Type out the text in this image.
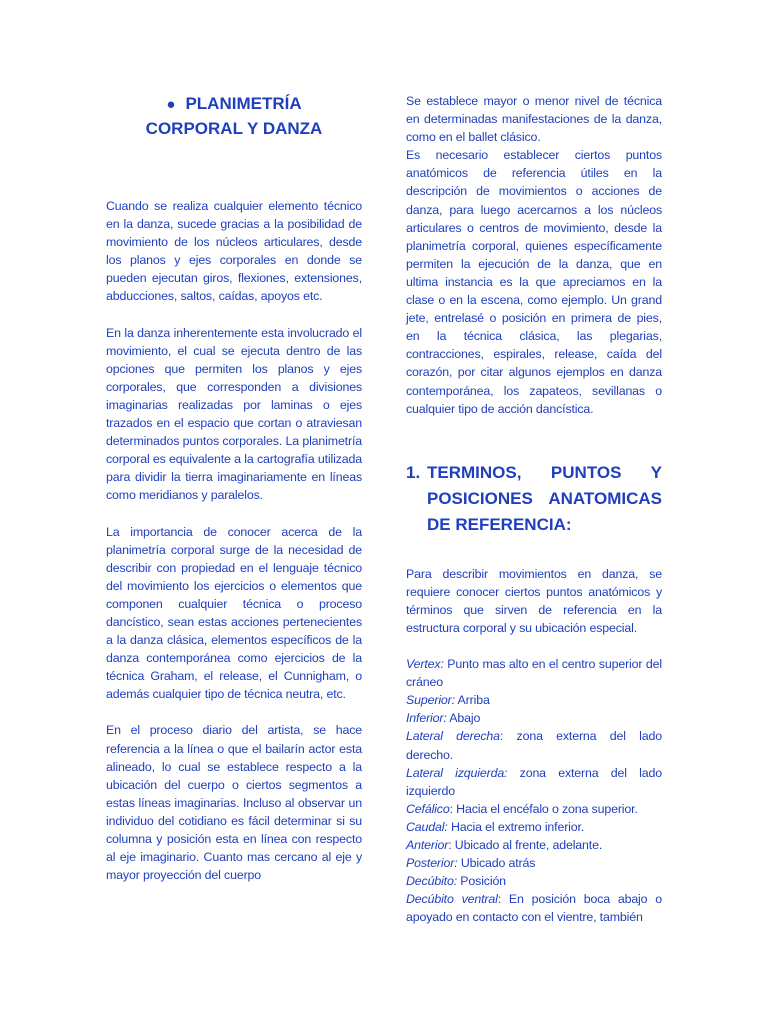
● PLANIMETRÍA
CORPORAL Y DANZA

Cuando se realiza cualquier elemento técnico en la danza, sucede gracias a la posibilidad de movimiento de los núcleos articulares, desde los planos y ejes corporales en donde se pueden ejecutan giros, flexiones, extensiones, abducciones, saltos, caídas, apoyos etc.

En la danza inherentemente esta involucrado el movimiento, el cual se ejecuta dentro de las opciones que permiten los planos y ejes corporales, que corresponden a divisiones imaginarias realizadas por laminas o ejes trazados en el espacio que cortan o atraviesan determinados puntos corporales. La planimetría corporal es equivalente a la cartografía utilizada para dividir la tierra imaginariamente en líneas como meridianos y paralelos.

La importancia de conocer acerca de la planimetría corporal surge de la necesidad de describir con propiedad en el lenguaje técnico del movimiento los ejercicios o elementos que componen cualquier técnica o proceso dancístico, sean estas acciones pertenecientes a la danza clásica, elementos específicos de la danza contemporánea como ejercicios de la técnica Graham, el release, el Cunnigham, o además cualquier tipo de técnica neutra, etc.

En el proceso diario del artista, se hace referencia a la línea o que el bailarín actor esta alineado, lo cual se establece respecto a la ubicación del cuerpo o ciertos segmentos a estas líneas imaginarias. Incluso al observar un individuo del cotidiano es fácil determinar si su columna y posición esta en línea con respecto al eje imaginario. Cuanto mas cercano al eje y mayor proyección del cuerpo

Se establece mayor o menor nivel de técnica en determinadas manifestaciones de la danza, como en el ballet clásico.

Es necesario establecer ciertos puntos anatómicos de referencia útiles en la descripción de movimientos o acciones de danza, para luego acercarnos a los núcleos articulares o centros de movimiento, desde la planimetría corporal, quienes específicamente permiten la ejecución de la danza, que en ultima instancia es la que apreciamos en la clase o en la escena, como ejemplo. Un grand jete, entrelasé o posición en primera de pies, en la técnica clásica, las plegarias, contracciones, espirales, release, caída del corazón, por citar algunos ejemplos en danza contemporánea, los zapateos, sevillanas o cualquier tipo de acción dancística.

1. TERMINOS, PUNTOS Y POSICIONES ANATOMICAS DE REFERENCIA:

Para describir movimientos en danza, se requiere conocer ciertos puntos anatómicos y términos que sirven de referencia en la estructura corporal y su ubicación especial.

Vertex: Punto mas alto en el centro superior del cráneo

Superior: Arriba

Inferior: Abajo

Lateral derecha: zona externa del lado derecho.

Lateral izquierda: zona externa del lado izquierdo

Cefálico: Hacia el encéfalo o zona superior.

Caudal: Hacia el extremo inferior.

Anterior: Ubicado al frente, adelante.

Posterior: Ubicado atrás

Decúbito: Posición

Decúbito ventral: En posición boca abajo o apoyado en contacto con el vientre, también
